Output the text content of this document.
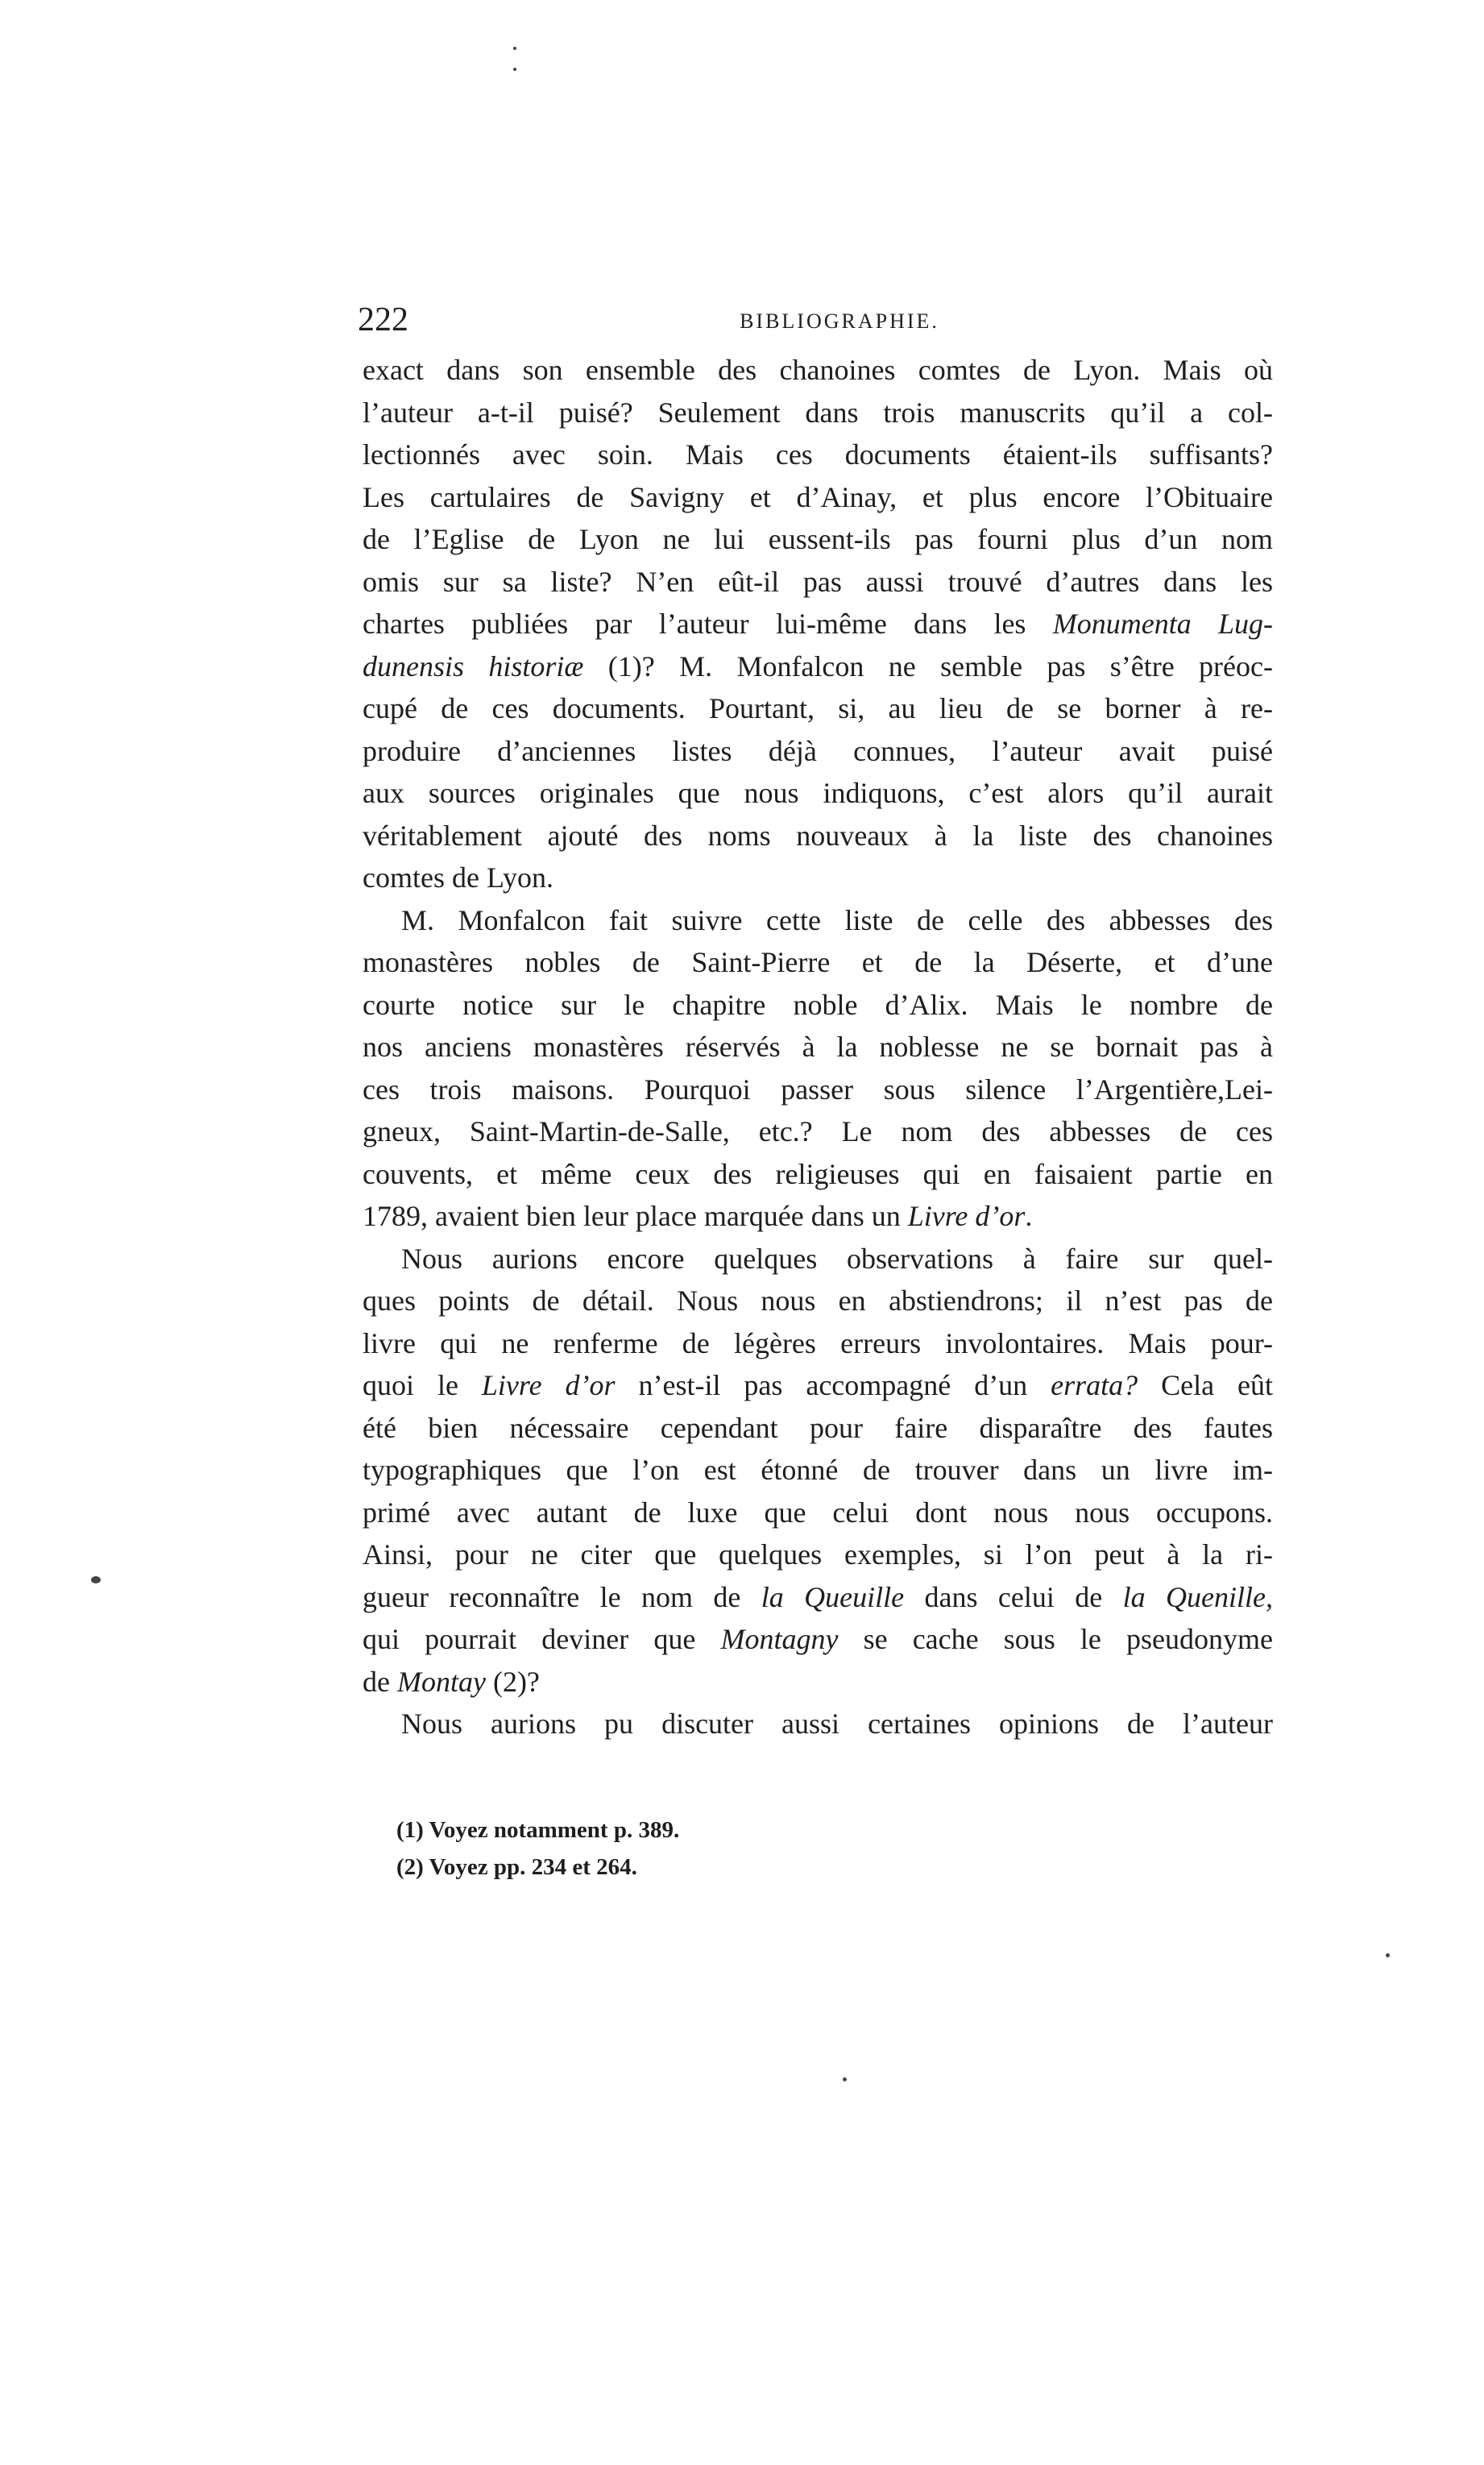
222	BIBLIOGRAPHIE.
exact dans son ensemble des chanoines comtes de Lyon. Mais où
l’auteur a-t-il puisé? Seulement dans trois manuscrits qu’il a col-
lectionnés avec soin. Mais ces documents étaient-ils suffisants?
Les cartulaires de Savigny et d’Ainay, et plus encore l’Obituaire
de l’Eglise de Lyon ne lui eussent-ils pas fourni plus d’un nom
omis sur sa liste? N’en eût-il pas aussi trouvé d’autres dans les
chartes publiées par l’auteur lui-même dans les Monumenta Lug-
dunensis historiæ (1)? M. Monfalcon ne semble pas s’être préoc-
cupé de ces documents. Pourtant, si, au lieu de se borner à re-
produire d’anciennes listes déjà connues, l’auteur avait puisé
aux sources originales que nous indiquons, c’est alors qu’il aurait
véritablement ajouté des noms nouveaux à la liste des chanoines
comtes de Lyon.
M. Monfalcon fait suivre cette liste de celle des abbesses des
monastères nobles de Saint-Pierre et de la Déserte, et d’une
courte notice sur le chapitre noble d’Alix. Mais le nombre de
nos anciens monastères réservés à la noblesse ne se bornait pas à
ces trois maisons. Pourquoi passer sous silence l’Argentière,Lei-
gneux, Saint-Martin-de-Salle, etc.? Le nom des abbesses de ces
couvents, et même ceux des religieuses qui en faisaient partie en
1789, avaient bien leur place marquée dans un Livre d’or.
Nous aurions encore quelques observations à faire sur quel-
ques points de détail. Nous nous en abstiendrons; il n’est pas de
livre qui ne renferme de légères erreurs involontaires. Mais pour-
quoi le Livre d’or n’est-il pas accompagné d’un errata? Cela eût
été bien nécessaire cependant pour faire disparaître des fautes
typographiques que l’on est étonné de trouver dans un livre im-
primé avec autant de luxe que celui dont nous nous occupons.
Ainsi, pour ne citer que quelques exemples, si l’on peut à la ri-
gueur reconnaître le nom de la Queuille dans celui de la Quenille,
qui pourrait deviner que Montagny se cache sous le pseudonyme
de Montay (2)?
Nous aurions pu discuter aussi certaines opinions de l’auteur
(1) Voyez notamment p. 389.
(2) Voyez pp. 234 et 264.
